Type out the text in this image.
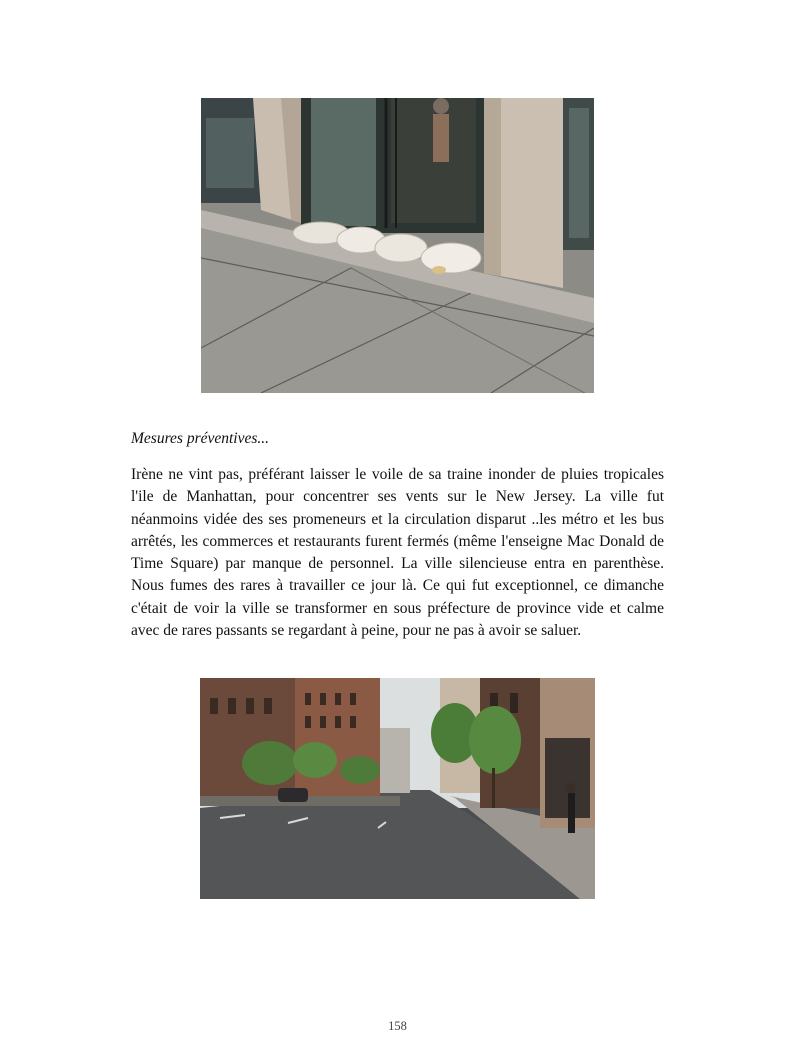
Mesures préventives...

Irène ne vint pas, préférant laisser le voile de sa traine inonder de pluies tropicales l'ile de Manhattan, pour concentrer ses vents sur le New Jersey. La ville fut néanmoins vidée des ses promeneurs et la circulation disparut ..les métro et les bus arrêtés, les commerces et restaurants furent fermés (même l'enseigne Mac Donald de Time Square) par manque de personnel. La ville silencieuse entra en parenthèse. Nous fumes des rares à travailler ce jour là. Ce qui fut exceptionnel, ce dimanche c'était de voir la ville se transformer en sous préfecture de province vide et calme avec de rares passants se regardant à peine, pour ne pas à avoir se saluer.

158
